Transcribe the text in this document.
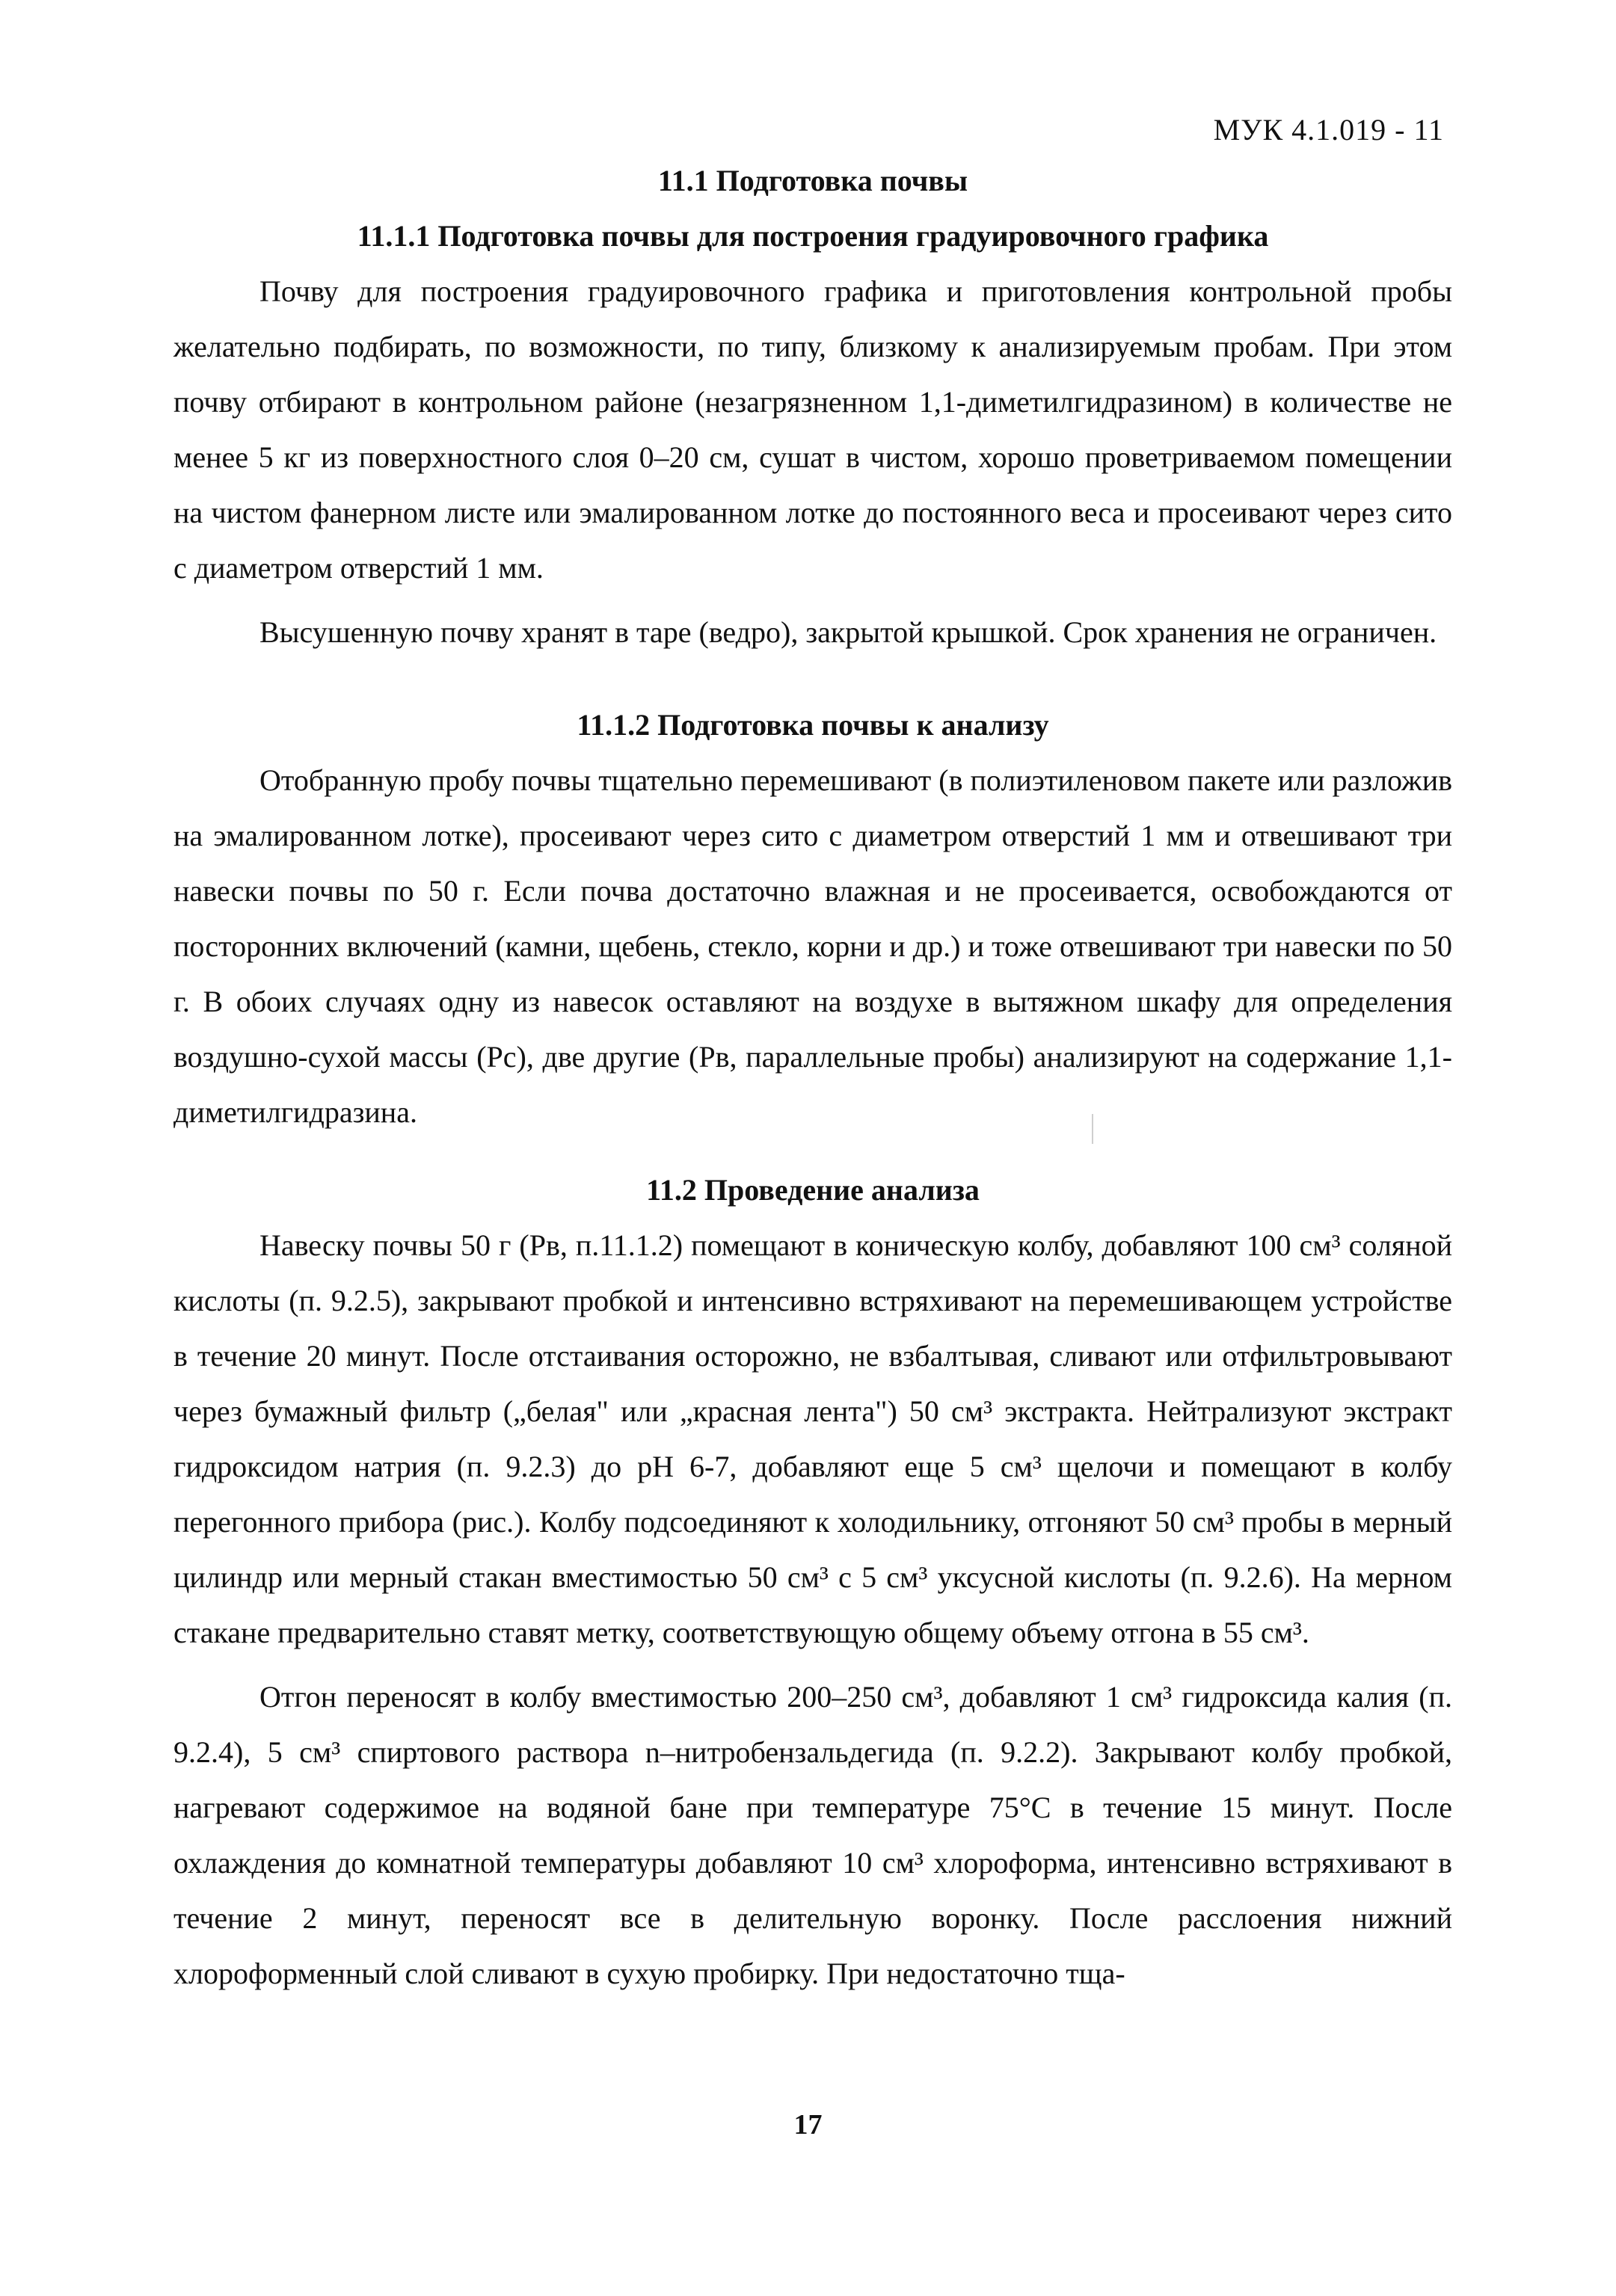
МУК 4.1.019 - 11
11.1 Подготовка почвы
11.1.1 Подготовка почвы для построения градуировочного графика

Почву для построения градуировочного графика и приготовления контрольной пробы желательно подбирать, по возможности, по типу, близкому к анализируемым пробам. При этом почву отбирают в контрольном районе (незагрязненном 1,1-диметилгидразином) в количестве не менее 5 кг из поверхностного слоя 0–20 см, сушат в чистом, хорошо проветриваемом помещении на чистом фанерном листе или эмалированном лотке до постоянного веса и просеивают через сито с диаметром отверстий 1 мм.

Высушенную почву хранят в таре (ведро), закрытой крышкой. Срок хранения не ограничен.

11.1.2 Подготовка почвы к анализу

Отобранную пробу почвы тщательно перемешивают (в полиэтиленовом пакете или разложив на эмалированном лотке), просеивают через сито с диаметром отверстий 1 мм и отвешивают три навески почвы по 50 г. Если почва достаточно влажная и не просеивается, освобождаются от посторонних включений (камни, щебень, стекло, корни и др.) и тоже отвешивают три навески по 50 г. В обоих случаях одну из навесок оставляют на воздухе в вытяжном шкафу для определения воздушно-сухой массы (Рс), две другие (Рв, параллельные пробы) анализируют на содержание 1,1-диметилгидразина.

11.2 Проведение анализа

Навеску почвы 50 г (Рв, п.11.1.2) помещают в коническую колбу, добавляют 100 см³ соляной кислоты (п. 9.2.5), закрывают пробкой и интенсивно встряхивают на перемешивающем устройстве в течение 20 минут. После отстаивания осторожно, не взбалтывая, сливают или отфильтровывают через бумажный фильтр („белая" или „красная лента") 50 см³ экстракта. Нейтрализуют экстракт гидроксидом натрия (п. 9.2.3) до pH 6-7, добавляют еще 5 см³ щелочи и помещают в колбу перегонного прибора (рис.). Колбу подсоединяют к холодильнику, отгоняют 50 см³ пробы в мерный цилиндр или мерный стакан вместимостью 50 см³ с 5 см³ уксусной кислоты (п. 9.2.6). На мерном стакане предварительно ставят метку, соответствующую общему объему отгона в 55 см³.

Отгон переносят в колбу вместимостью 200–250 см³, добавляют 1 см³ гидроксида калия (п. 9.2.4), 5 см³ спиртового раствора n–нитробензальдегида (п. 9.2.2). Закрывают колбу пробкой, нагревают содержимое на водяной бане при температуре 75°С в течение 15 минут. После охлаждения до комнатной температуры добавляют 10 см³ хлороформа, интенсивно встряхивают в течение 2 минут, переносят все в делительную воронку. После расслоения нижний хлороформенный слой сливают в сухую пробирку. При недостаточно тща-

17
